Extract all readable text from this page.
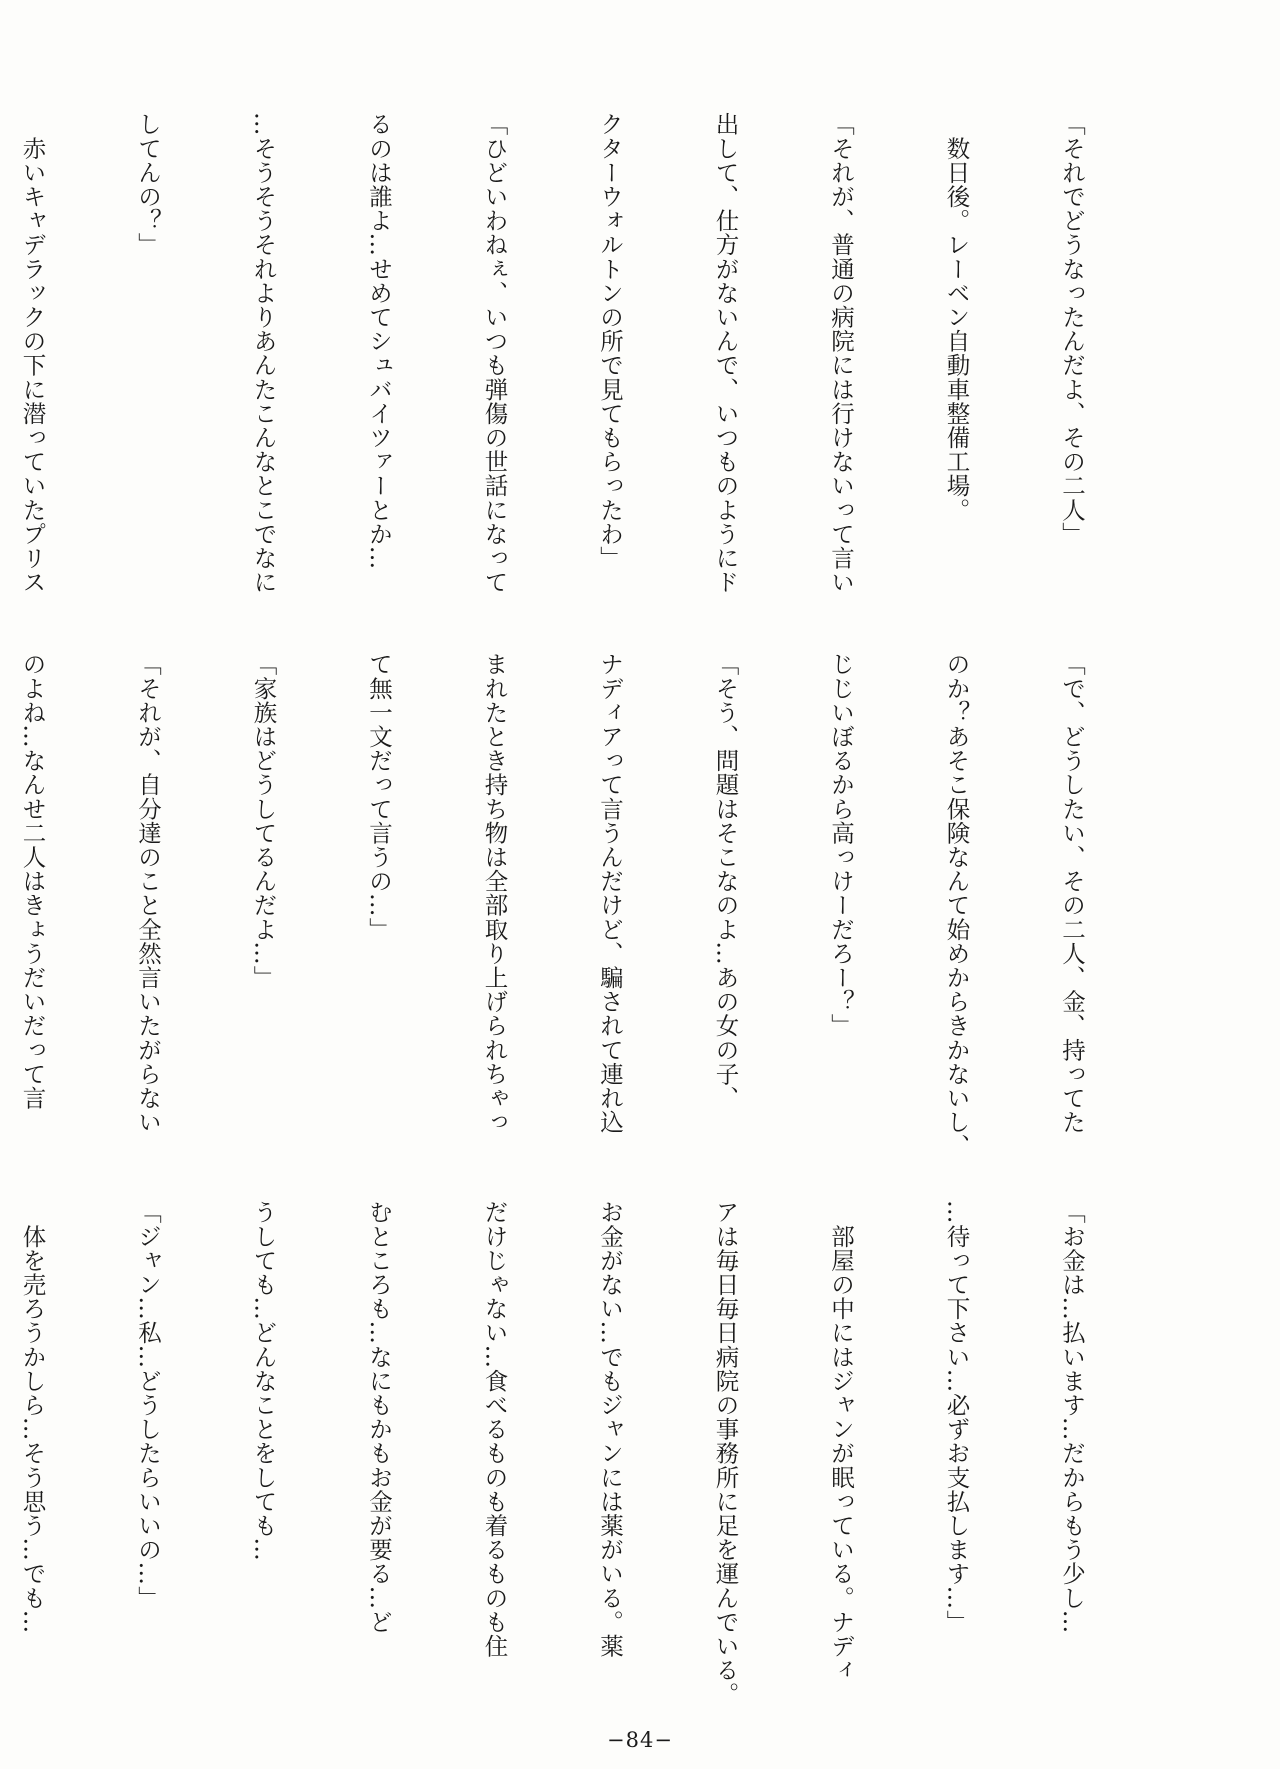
「それでどうなったんだよ、その二人」

　数日後。レーベン自動車整備工場。

「それが、普通の病院には行けないって言い

出して、仕方がないんで、いつものようにド

クターウォルトンの所で見てもらったわ」

「ひどいわねぇ、いつも弾傷の世話になって

るのは誰よ…せめてシュバイツァーとか…

…そうそうそれよりあんたこんなとこでなに

してんの？」

　赤いキャデラックの下に潜っていたプリス

「で、どうしたい、その二人、金、持ってた

のか？あそこ保険なんて始めからきかないし、

じじいぼるから高っけーだろー？」

「そう、問題はそこなのよ…あの女の子、

ナディアって言うんだけど、騙されて連れ込

まれたとき持ち物は全部取り上げられちゃっ

て無一文だって言うの…」

「家族はどうしてるんだよ…」

「それが、自分達のこと全然言いたがらない

のよね…なんせ二人はきょうだいだって言

「お金は…払います…だからもう少し…

…待って下さい…必ずお支払します…」

　部屋の中にはジャンが眠っている。ナディ

アは毎日毎日病院の事務所に足を運んでいる。

お金がない…でもジャンには薬がいる。薬

だけじゃない…食べるものも着るものも住

むところも…なにもかもお金が要る…ど

うしても…どんなことをしても…

「ジャン…私…どうしたらいいの…」

　体を売ろうかしら…そう思う…でも…

−84−
